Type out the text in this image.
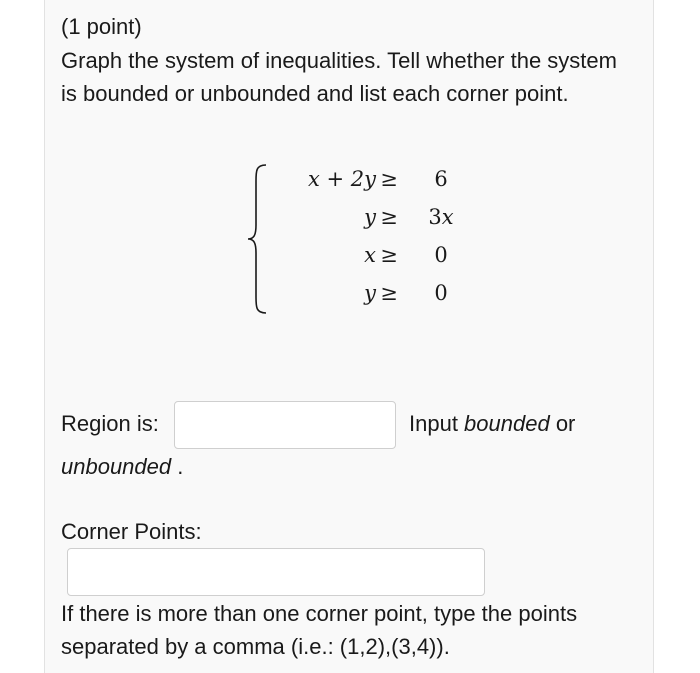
(1 point)
Graph the system of inequalities. Tell whether the system is bounded or unbounded and list each corner point.
x + 2y ≥	6
y ≥	3x
x ≥	0
y ≥	0
Region is:	Input bounded or
unbounded .
Corner Points:
If there is more than one corner point, type the points separated by a comma (i.e.: (1,2),(3,4)).
